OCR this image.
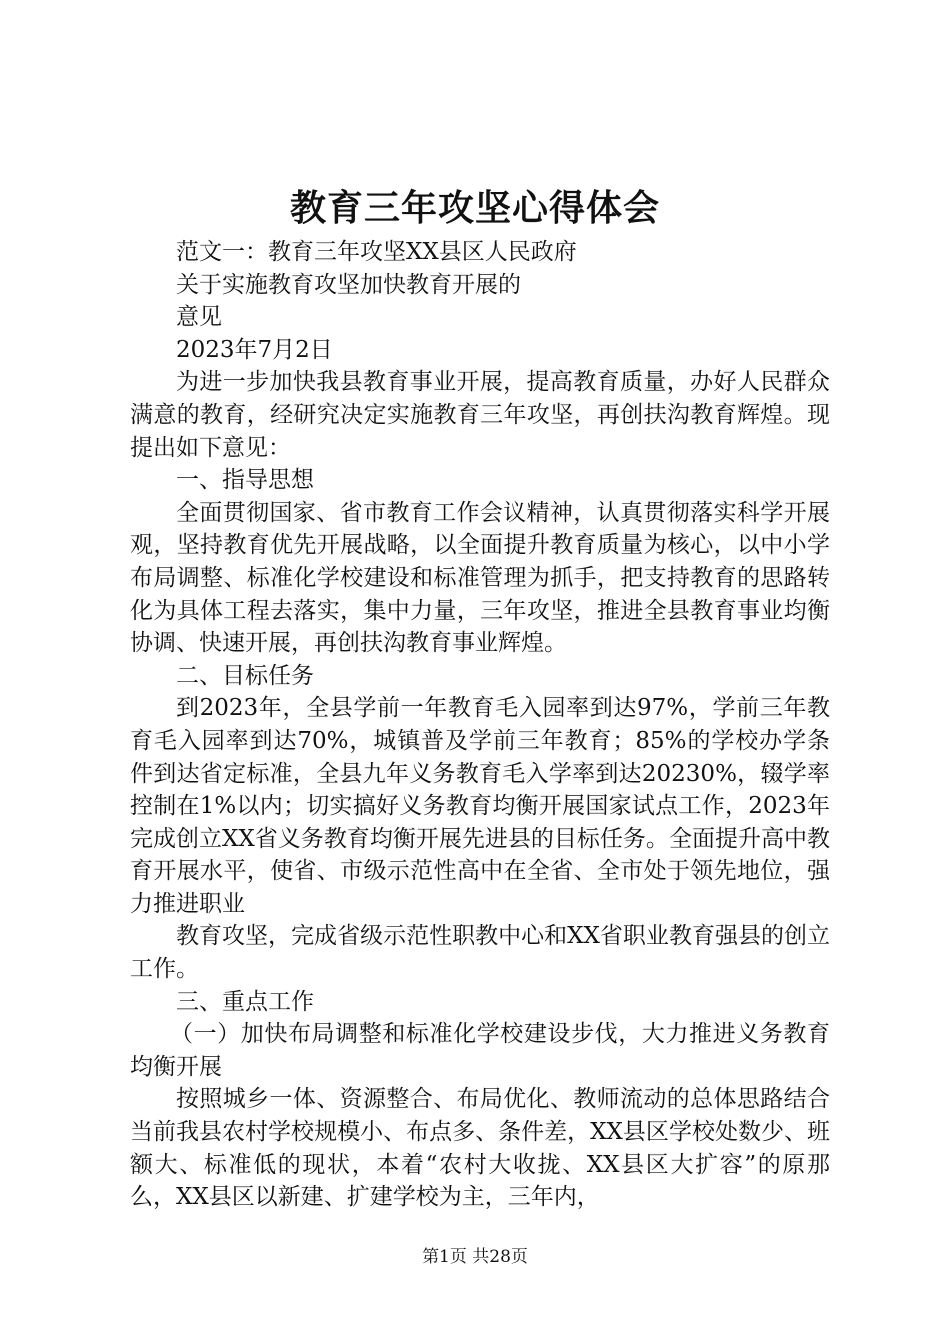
教育三年攻坚心得体会

范文一：教育三年攻坚XX县区人民政府

关于实施教育攻坚加快教育开展的

意见

2023年7月2日

为进一步加快我县教育事业开展，提高教育质量，办好人民群众满意的教育，经研究决定实施教育三年攻坚，再创扶沟教育辉煌。现提出如下意见：

一、指导思想

全面贯彻国家、省市教育工作会议精神，认真贯彻落实科学开展观，坚持教育优先开展战略，以全面提升教育质量为核心，以中小学布局调整、标准化学校建设和标准管理为抓手，把支持教育的思路转化为具体工程去落实，集中力量，三年攻坚，推进全县教育事业均衡协调、快速开展，再创扶沟教育事业辉煌。

二、目标任务

到2023年，全县学前一年教育毛入园率到达97%，学前三年教育毛入园率到达70%，城镇普及学前三年教育；85%的学校办学条件到达省定标准，全县九年义务教育毛入学率到达20230%，辍学率控制在1%以内；切实搞好义务教育均衡开展国家试点工作，2023年完成创立XX省义务教育均衡开展先进县的目标任务。全面提升高中教育开展水平，使省、市级示范性高中在全省、全市处于领先地位，强力推进职业

教育攻坚，完成省级示范性职教中心和XX省职业教育强县的创立工作。

三、重点工作

（一）加快布局调整和标准化学校建设步伐，大力推进义务教育均衡开展

按照城乡一体、资源整合、布局优化、教师流动的总体思路结合当前我县农村学校规模小、布点多、条件差，XX县区学校处数少、班额大、标准低的现状，本着“农村大收拢、XX县区大扩容”的原那么，XX县区以新建、扩建学校为主，三年内，

第1页 共28页
